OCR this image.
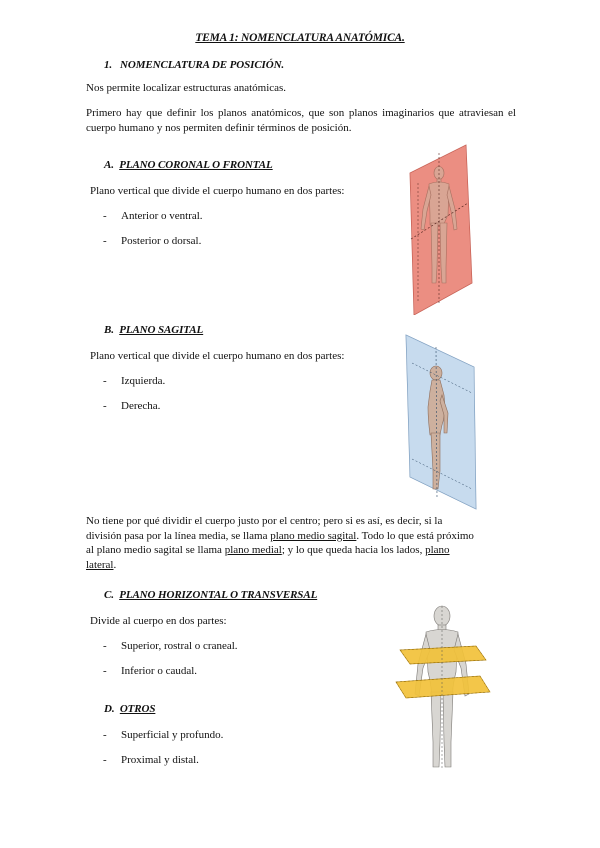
TEMA 1: NOMENCLATURA ANATÓMICA.
1. NOMENCLATURA DE POSICIÓN.
Nos permite localizar estructuras anatómicas.
Primero hay que definir los planos anatómicos, que son planos imaginarios que atraviesan el cuerpo humano y nos permiten definir términos de posición.
A. PLANO CORONAL O FRONTAL
Plano vertical que divide el cuerpo humano en dos partes:
- Anterior o ventral.
- Posterior o dorsal.
B. PLANO SAGITAL
Plano vertical que divide el cuerpo humano en dos partes:
- Izquierda.
- Derecha.
No tiene por qué dividir el cuerpo justo por el centro; pero si es así, es decir, si la
división pasa por la línea media, se llama plano medio sagital. Todo lo que está próximo
al plano medio sagital se llama plano medial; y lo que queda hacia los lados, plano
lateral.
C. PLANO HORIZONTAL O TRANSVERSAL
Divide al cuerpo en dos partes:
- Superior, rostral o craneal.
- Inferior o caudal.
D. OTROS
- Superficial y profundo.
- Proximal y distal.
